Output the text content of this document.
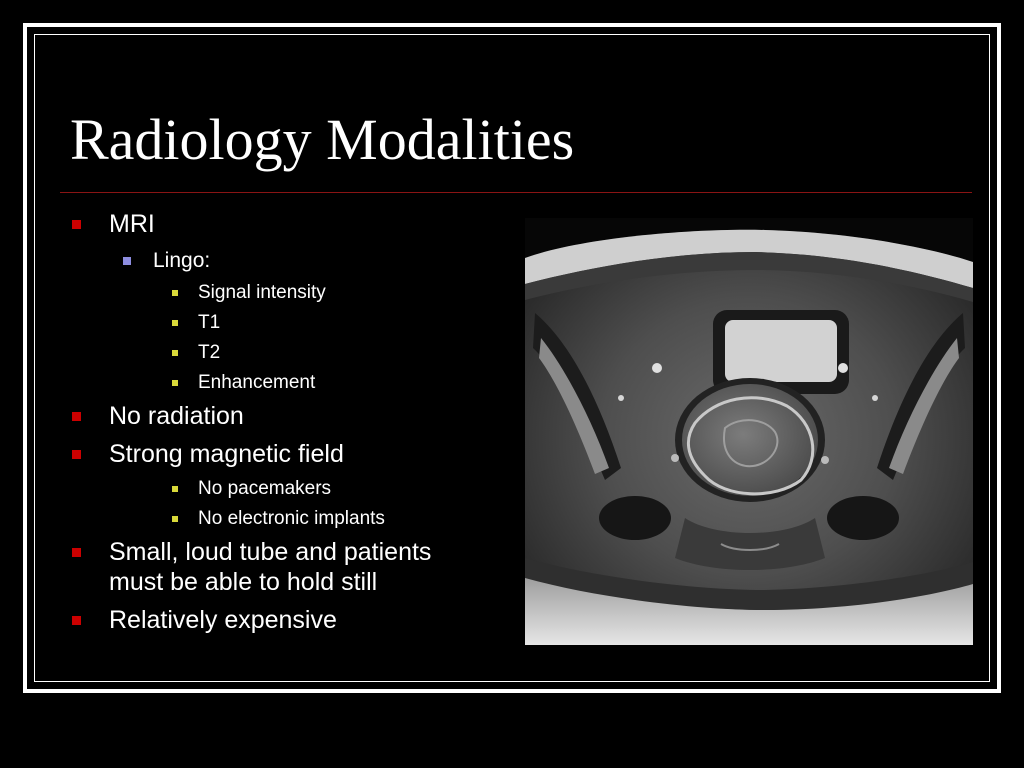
Radiology Modalities
MRI
Lingo:
Signal intensity
T1
T2
Enhancement
No radiation
Strong magnetic field
No pacemakers
No electronic implants
Small, loud tube and patients
must be able to hold still
Relatively expensive
